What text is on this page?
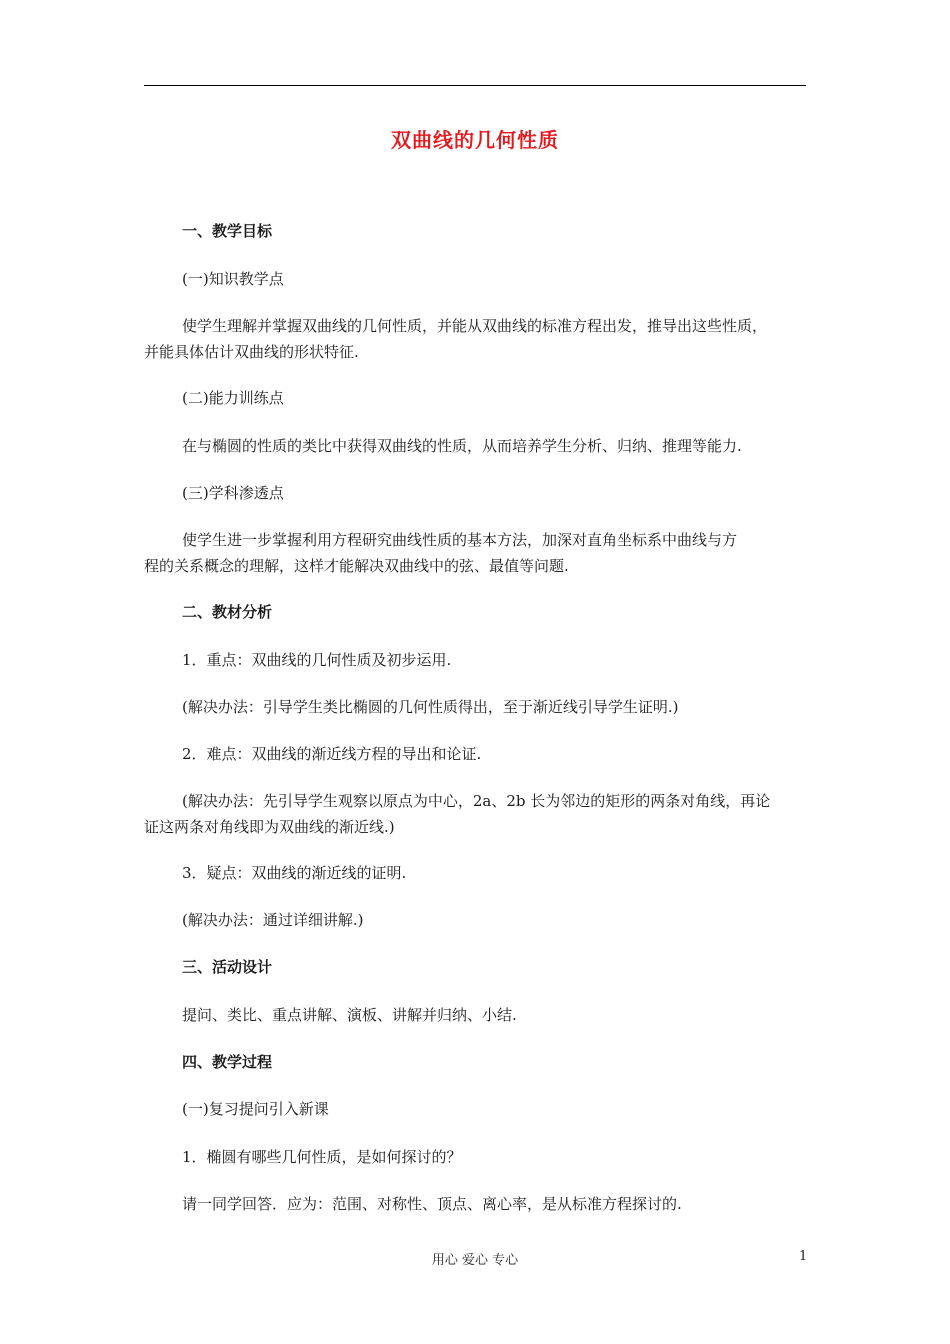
双曲线的几何性质
一、教学目标
(一)知识教学点
使学生理解并掌握双曲线的几何性质，并能从双曲线的标准方程出发，推导出这些性质，
并能具体估计双曲线的形状特征.
(二)能力训练点
在与椭圆的性质的类比中获得双曲线的性质，从而培养学生分析、归纳、推理等能力.
(三)学科渗透点
使学生进一步掌握利用方程研究曲线性质的基本方法，加深对直角坐标系中曲线与方
程的关系概念的理解，这样才能解决双曲线中的弦、最值等问题.
二、教材分析
1．重点：双曲线的几何性质及初步运用.
(解决办法：引导学生类比椭圆的几何性质得出，至于渐近线引导学生证明.)
2．难点：双曲线的渐近线方程的导出和论证.
(解决办法：先引导学生观察以原点为中心，2a、2b 长为邻边的矩形的两条对角线，再论
证这两条对角线即为双曲线的渐近线.)
3．疑点：双曲线的渐近线的证明.
(解决办法：通过详细讲解.)
三、活动设计
提问、类比、重点讲解、演板、讲解并归纳、小结.
四、教学过程
(一)复习提问引入新课
1．椭圆有哪些几何性质，是如何探讨的？
请一同学回答．应为：范围、对称性、顶点、离心率，是从标准方程探讨的.
用心 爱心 专心	1
